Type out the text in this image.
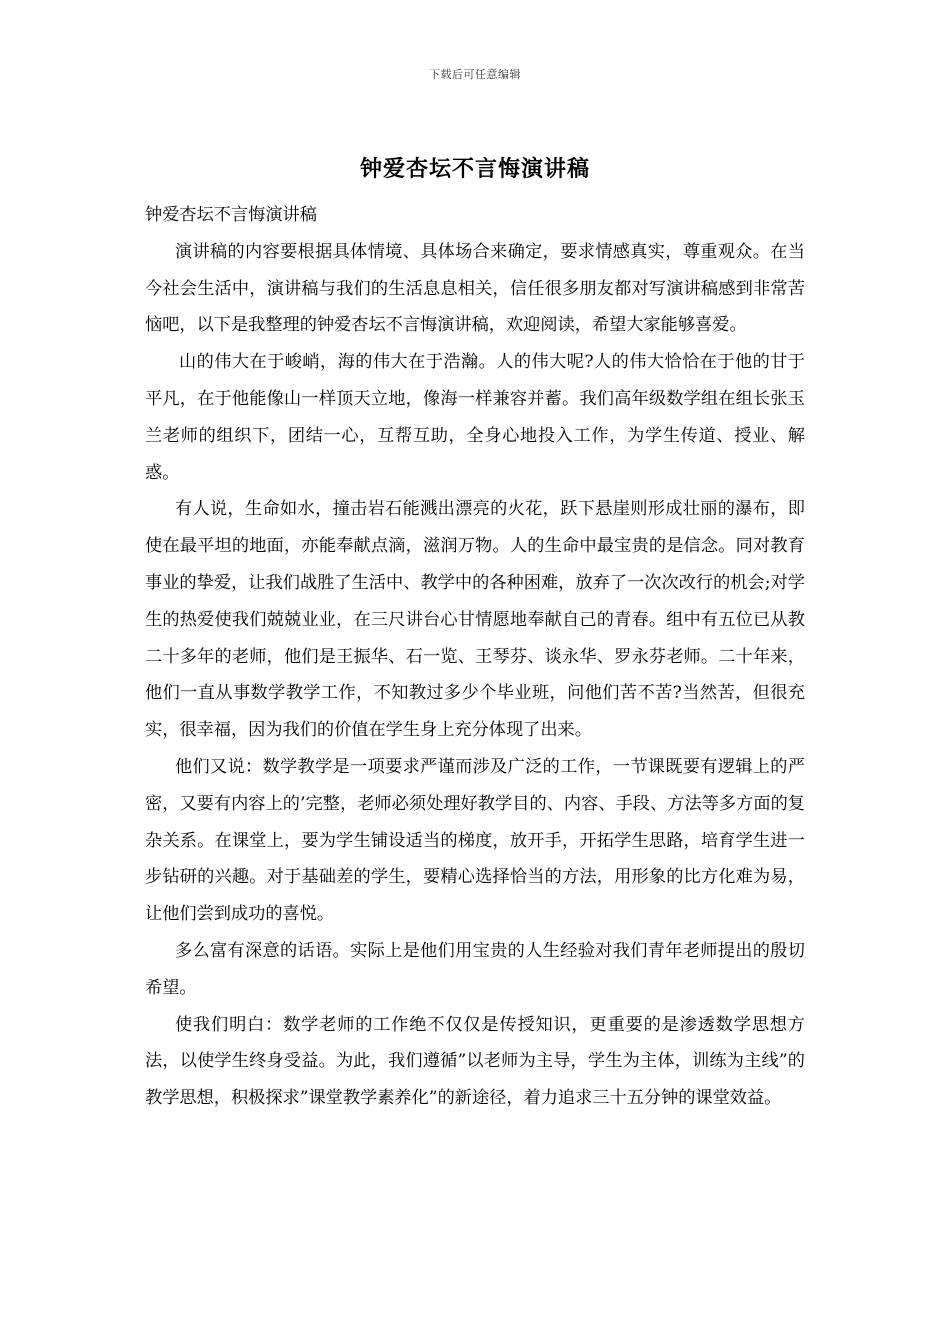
下载后可任意编辑
钟爱杏坛不言悔演讲稿

钟爱杏坛不言悔演讲稿

演讲稿的内容要根据具体情境、具体场合来确定，要求情感真实，尊重观众。在当今社会生活中，演讲稿与我们的生活息息相关，信任很多朋友都对写演讲稿感到非常苦恼吧，以下是我整理的钟爱杏坛不言悔演讲稿，欢迎阅读，希望大家能够喜爱。

山的伟大在于峻峭，海的伟大在于浩瀚。人的伟大呢?人的伟大恰恰在于他的甘于平凡，在于他能像山一样顶天立地，像海一样兼容并蓄。我们高年级数学组在组长张玉兰老师的组织下，团结一心，互帮互助，全身心地投入工作，为学生传道、授业、解惑。

有人说，生命如水，撞击岩石能溅出漂亮的火花，跃下悬崖则形成壮丽的瀑布，即使在最平坦的地面，亦能奉献点滴，滋润万物。人的生命中最宝贵的是信念。同对教育事业的挚爱，让我们战胜了生活中、教学中的各种困难，放弃了一次次改行的机会;对学生的热爱使我们兢兢业业，在三尺讲台心甘情愿地奉献自己的青春。组中有五位已从教二十多年的老师，他们是王振华、石一览、王琴芬、谈永华、罗永芬老师。二十年来，他们一直从事数学教学工作，不知教过多少个毕业班，问他们苦不苦?当然苦，但很充实，很幸福，因为我们的价值在学生身上充分体现了出来。

他们又说：数学教学是一项要求严谨而涉及广泛的工作，一节课既要有逻辑上的严密，又要有内容上的’完整，老师必须处理好教学目的、内容、手段、方法等多方面的复杂关系。在课堂上，要为学生铺设适当的梯度，放开手，开拓学生思路，培育学生进一步钻研的兴趣。对于基础差的学生，要精心选择恰当的方法，用形象的比方化难为易，让他们尝到成功的喜悦。

多么富有深意的话语。实际上是他们用宝贵的人生经验对我们青年老师提出的殷切希望。

使我们明白：数学老师的工作绝不仅仅是传授知识，更重要的是渗透数学思想方法，以使学生终身受益。为此，我们遵循”以老师为主导，学生为主体，训练为主线”的教学思想，积极探求”课堂教学素养化”的新途径，着力追求三十五分钟的课堂效益。
